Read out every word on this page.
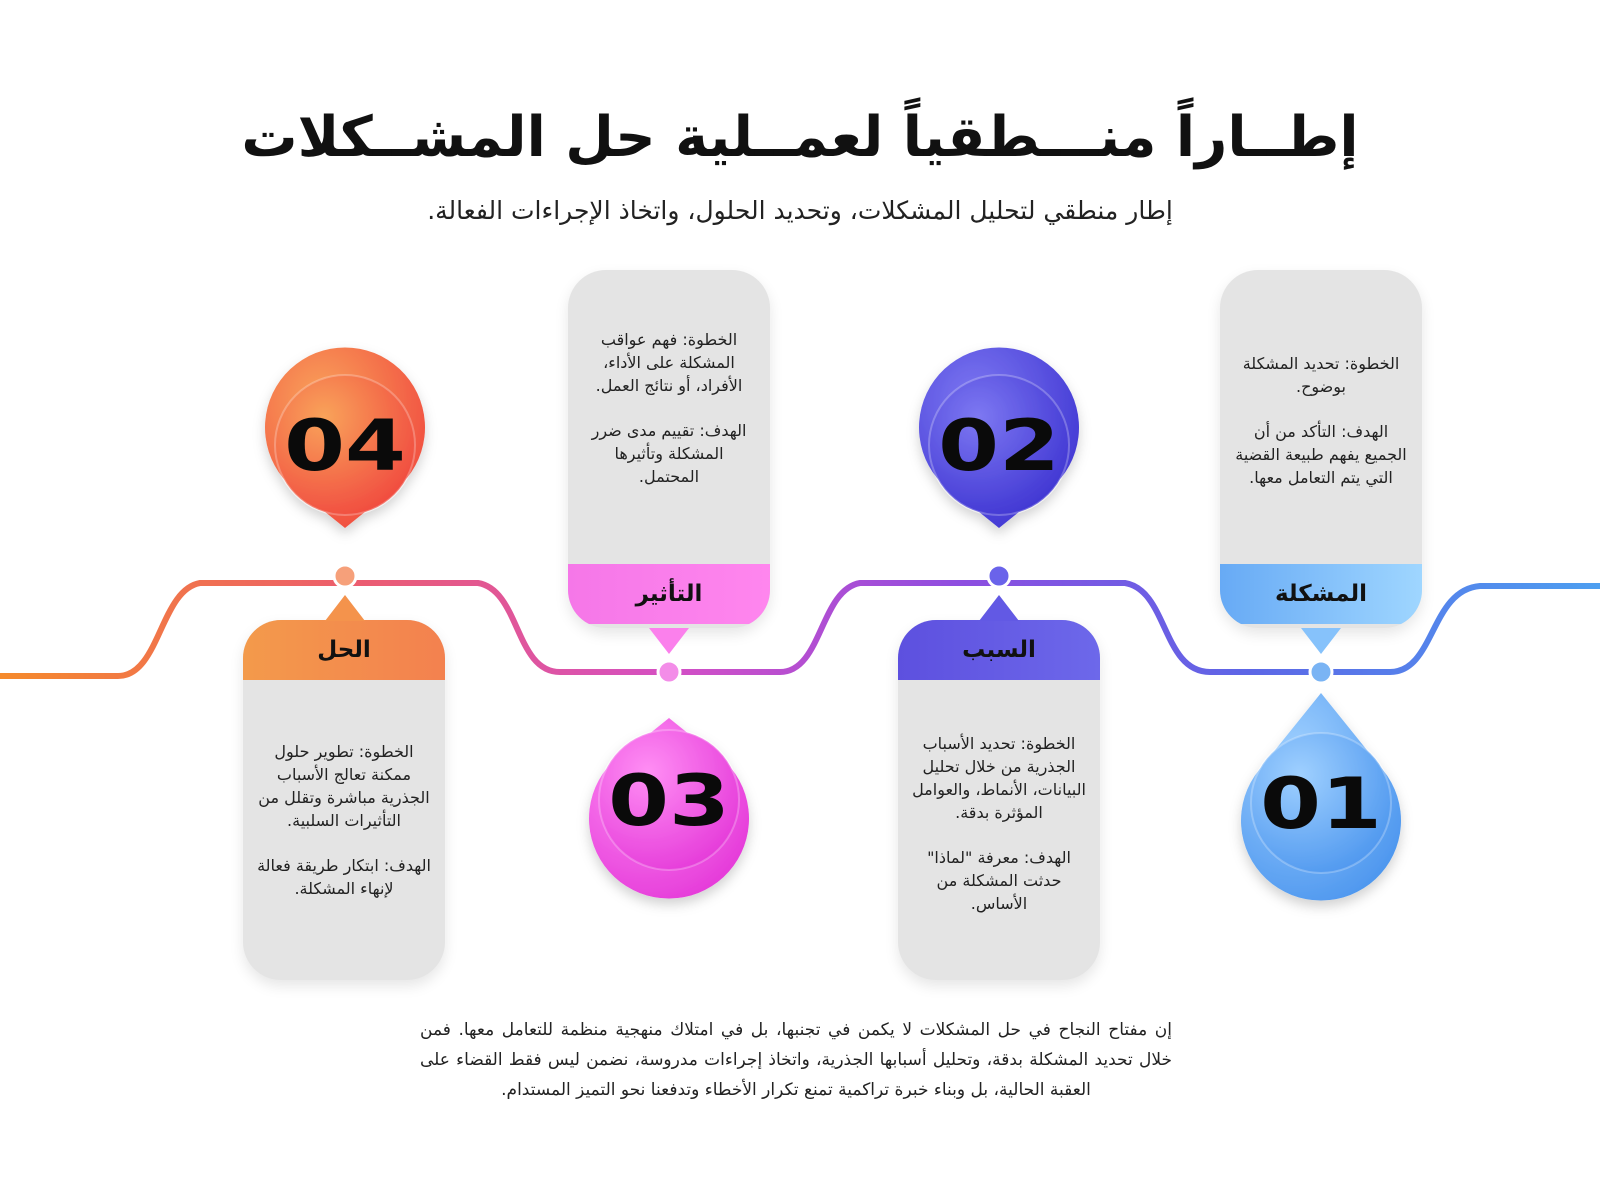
إطــاراً منـــطقياً لعمــلية حل المشــكلات
إطار منطقي لتحليل المشكلات، وتحديد الحلول، واتخاذ الإجراءات الفعالة.
04	02
03	01

الخطوة: تحديد المشكلة بوضوح.

الهدف: التأكد من أن الجميع يفهم طبيعة القضية التي يتم التعامل معها.

المشكلة

الخطوة: فهم عواقب المشكلة على الأداء، الأفراد، أو نتائج العمل.

الهدف: تقييم مدى ضرر المشكلة وتأثيرها المحتمل.

التأثير
الحل

الخطوة: تطوير حلول ممكنة تعالج الأسباب الجذرية مباشرة وتقلل من التأثيرات السلبية.

الهدف: ابتكار طريقة فعالة لإنهاء المشكلة.

السبب

الخطوة: تحديد الأسباب الجذرية من خلال تحليل البيانات، الأنماط، والعوامل المؤثرة بدقة.

الهدف: معرفة "لماذا" حدثت المشكلة من الأساس.

إن مفتاح النجاح في حل المشكلات لا يكمن في تجنبها، بل في امتلاك منهجية منظمة للتعامل معها. فمن خلال تحديد المشكلة بدقة، وتحليل أسبابها الجذرية، واتخاذ إجراءات مدروسة، نضمن ليس فقط القضاء على العقبة الحالية، بل وبناء خبرة تراكمية تمنع تكرار الأخطاء وتدفعنا نحو التميز المستدام.
